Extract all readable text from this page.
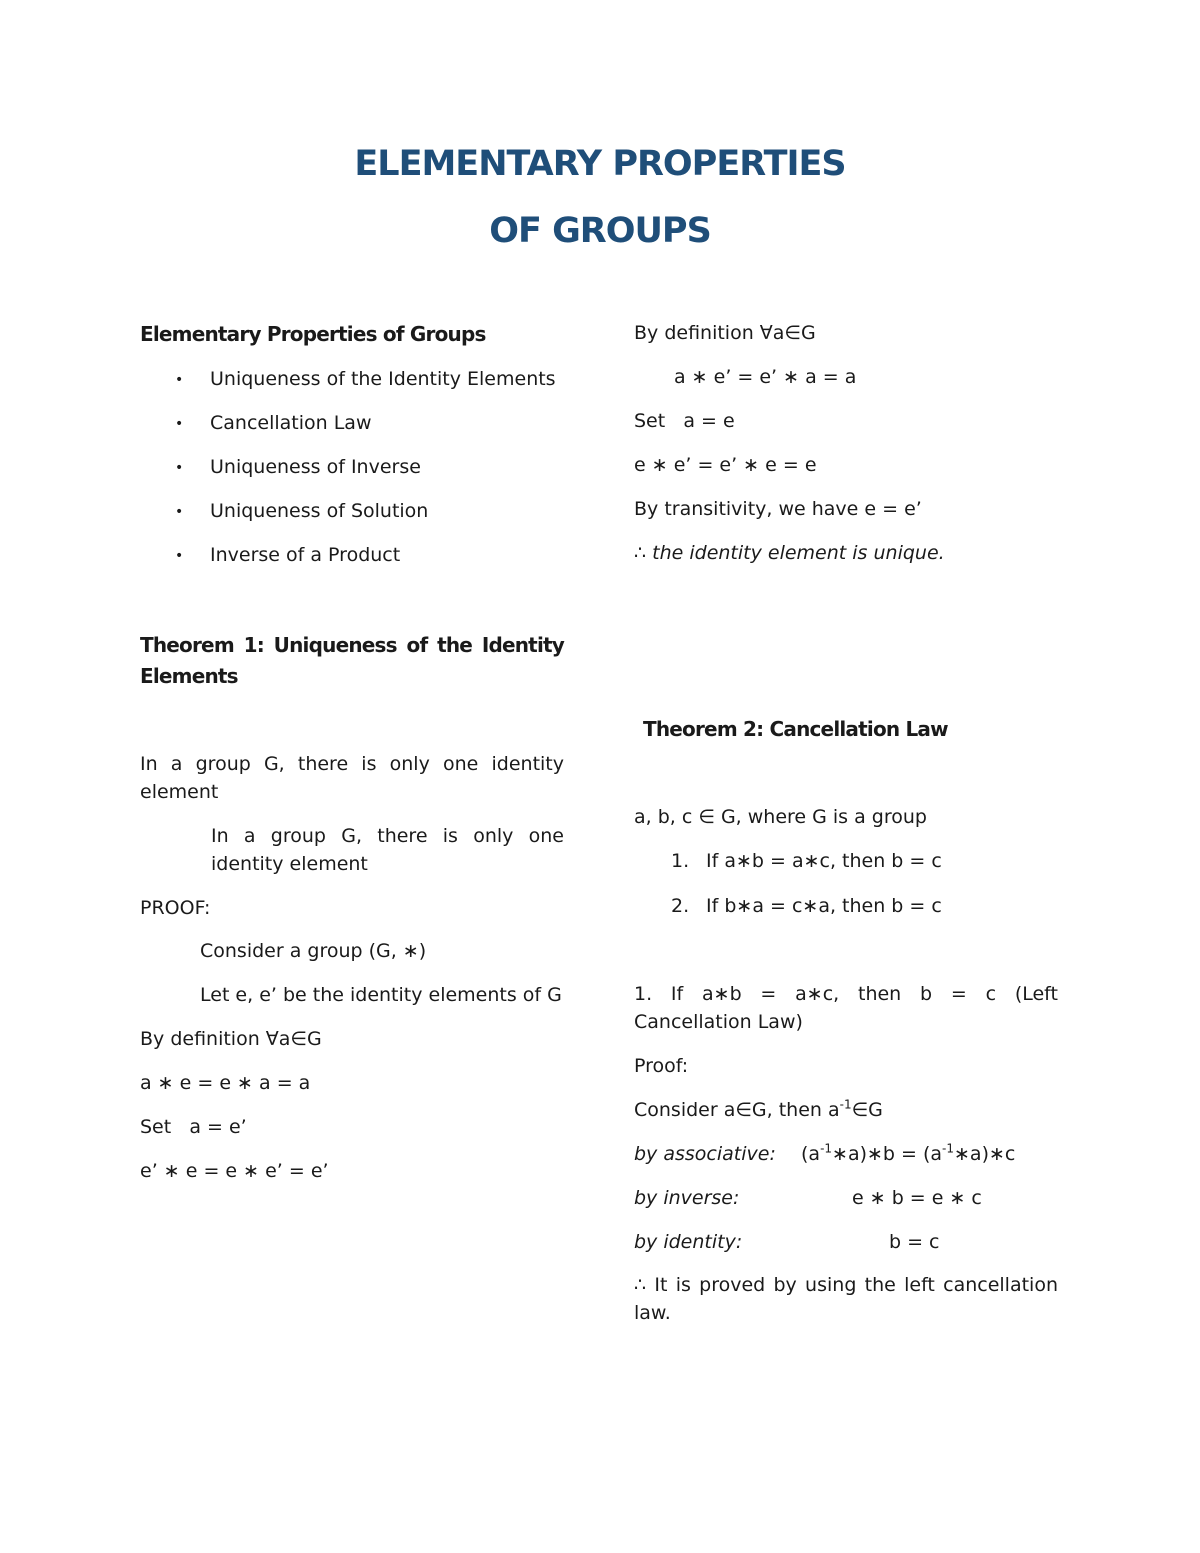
ELEMENTARY PROPERTIES
OF GROUPS
Elementary Properties of Groups
• Uniqueness of the Identity Elements
• Cancellation Law
• Uniqueness of Inverse
• Uniqueness of Solution
• Inverse of a Product
Theorem 1: Uniqueness of the Identity Elements
In a group G, there is only one identity element
In a group G, there is only one identity element
PROOF:
Consider a group (G, ∗)
Let e, e’ be the identity elements of G
By definition ∀a∈G
a ∗ e = e ∗ a = a
Set   a = e’
e’ ∗ e = e ∗ e’ = e’
By definition ∀a∈G
a ∗ e’ = e’ ∗ a = a
Set   a = e
e ∗ e’ = e’ ∗ e = e
By transitivity, we have e = e’
∴ the identity element is unique.
Theorem 2: Cancellation Law
a, b, c ∈ G, where G is a group
1. If a∗b = a∗c, then b = c
2. If b∗a = c∗a, then b = c
1. If a∗b = a∗c, then b = c (Left Cancellation Law)
Proof:
Consider a∈G, then $a^{-1}\in G$
by associative: $(a^{-1}∗a)∗b$ = $(a^{-1}∗a)∗c$
by inverse:	e ∗ b = e ∗ c
by identity:	b = c
∴ It is proved by using the left cancellation law.
